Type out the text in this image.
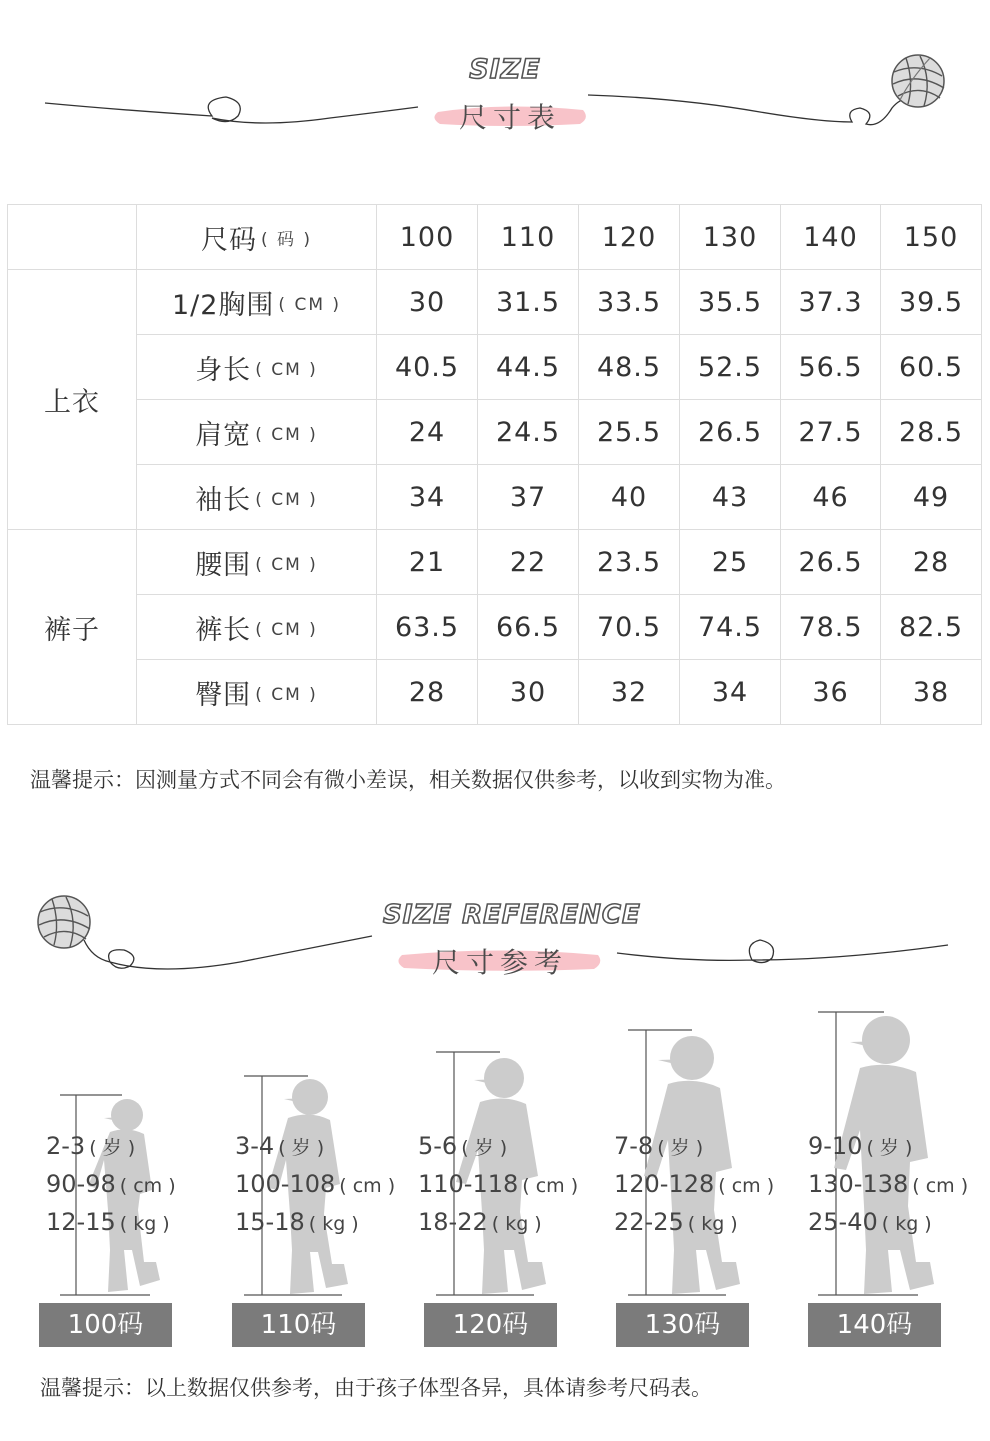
SIZE
尺寸表
	尺码 ( 码 )	100	110	120	130	140	150
上衣	1/2胸围 ( CM )	30	31.5	33.5	35.5	37.3	39.5
	身长 ( CM )	40.5	44.5	48.5	52.5	56.5	60.5
	肩宽 ( CM )	24	24.5	25.5	26.5	27.5	28.5
	袖长 ( CM )	34	37	40	43	46	49
裤子	腰围 ( CM )	21	22	23.5	25	26.5	28
	裤长 ( CM )	63.5	66.5	70.5	74.5	78.5	82.5
	臀围 ( CM )	28	30	32	34	36	38
温馨提示：因测量方式不同会有微小差误，相关数据仅供参考，以收到实物为准。
SIZE REFERENCE
尺寸参考
2-3 ( 岁 )
90-98 ( cm )
12-15 ( kg )
100码
3-4 ( 岁 )
100-108 ( cm )
15-18 ( kg )
110码
5-6 ( 岁 )
110-118 ( cm )
18-22 ( kg )
120码
7-8 ( 岁 )
120-128 ( cm )
22-25 ( kg )
130码
9-10 ( 岁 )
130-138 ( cm )
25-40 ( kg )
140码
温馨提示：以上数据仅供参考，由于孩子体型各异，具体请参考尺码表。
